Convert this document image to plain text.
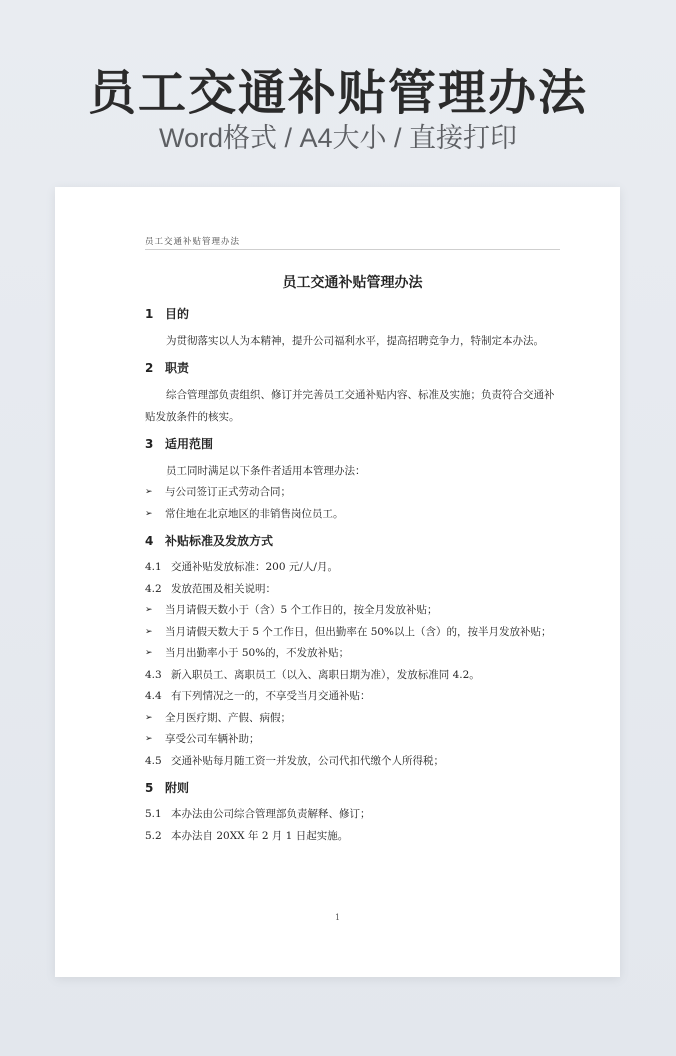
员工交通补贴管理办法
Word格式 / A4大小 / 直接打印
员工交通补贴管理办法
员工交通补贴管理办法
1 目的

为贯彻落实以人为本精神，提升公司福利水平，提高招聘竞争力，特制定本办法。

2 职责

综合管理部负责组织、修订并完善员工交通补贴内容、标准及实施；负责符合交通补贴发放条件的核实。

3 适用范围

员工同时满足以下条件者适用本管理办法：

➢	与公司签订正式劳动合同；
➢	常住地在北京地区的非销售岗位员工。
4 补贴标准及发放方式
4.1 交通补贴发放标准：200 元/人/月。
4.2 发放范围及相关说明：
➢	当月请假天数小于（含）5 个工作日的，按全月发放补贴；
➢	当月请假天数大于 5 个工作日，但出勤率在 50%以上（含）的，按半月发放补贴；
➢	当月出勤率小于 50%的，不发放补贴；
4.3 新入职员工、离职员工（以入、离职日期为准），发放标准同 4.2。
4.4 有下列情况之一的，不享受当月交通补贴：
➢	全月医疗期、产假、病假；
➢	享受公司车辆补助；
4.5 交通补贴每月随工资一并发放，公司代扣代缴个人所得税；
5 附则
5.1 本办法由公司综合管理部负责解释、修订；
5.2 本办法自 20XX 年 2 月 1 日起实施。
1
